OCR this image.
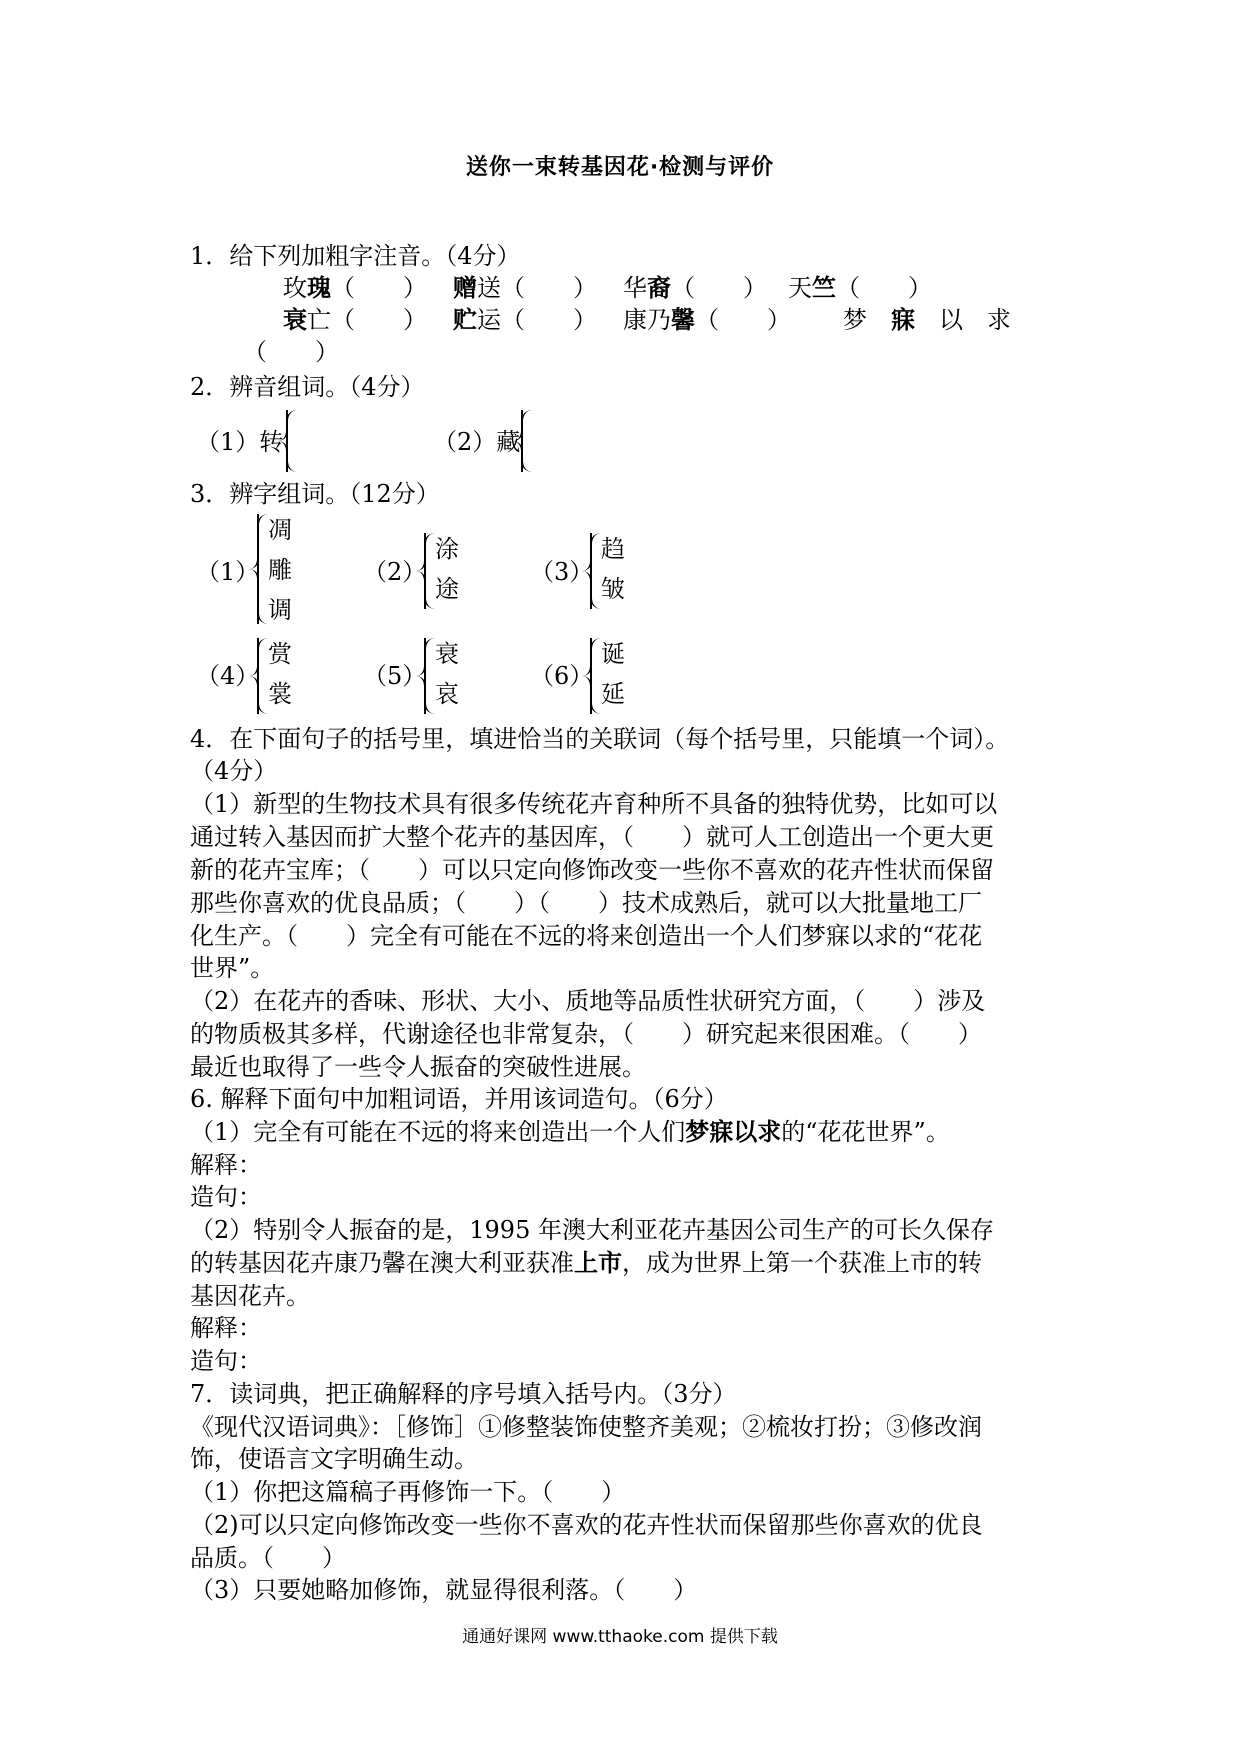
送你一束转基因花·检测与评价
1．给下列加粗字注音。（4分）
玫瑰（　　） 赠送（　　） 华裔（　　） 天竺（　　）
衰亡（　　） 贮运（　　） 康乃馨（　　） 梦　寐　以　求
（　　）
2．辨音组词。（4分）
（1）转	（2）藏
3．辨字组词。（12分）
（1）
凋
雕
调
（2）
涂
途
（3）
趋
皱
（4）
赏
裳
（5）
衰
哀
（6）
诞
延
4．在下面句子的括号里，填进恰当的关联词（每个括号里，只能填一个词）。
（4分）
（1）新型的生物技术具有很多传统花卉育种所不具备的独特优势，比如可以
通过转入基因而扩大整个花卉的基因库，（　　）就可人工创造出一个更大更
新的花卉宝库；（　　）可以只定向修饰改变一些你不喜欢的花卉性状而保留
那些你喜欢的优良品质；（　　）（　　）技术成熟后，就可以大批量地工厂
化生产。（　　）完全有可能在不远的将来创造出一个人们梦寐以求的“花花
世界”。
（2）在花卉的香味、形状、大小、质地等品质性状研究方面，（　　）涉及
的物质极其多样，代谢途径也非常复杂，（　　）研究起来很困难。（　　）
最近也取得了一些令人振奋的突破性进展。
6. 解释下面句中加粗词语，并用该词造句。（6分）
（1）完全有可能在不远的将来创造出一个人们梦寐以求的“花花世界”。
解释：
造句：
（2）特别令人振奋的是，1995 年澳大利亚花卉基因公司生产的可长久保存
的转基因花卉康乃馨在澳大利亚获准上市，成为世界上第一个获准上市的转
基因花卉。
解释：
造句：
7．读词典，把正确解释的序号填入括号内。（3分）
《现代汉语词典》：［修饰］①修整装饰使整齐美观；②梳妆打扮；③修改润
饰，使语言文字明确生动。
（1）你把这篇稿子再修饰一下。（　　）
（2)可以只定向修饰改变一些你不喜欢的花卉性状而保留那些你喜欢的优良
品质。（　　）
（3）只要她略加修饰，就显得很利落。（　　）
通通好课网 www.tthaoke.com 提供下载
